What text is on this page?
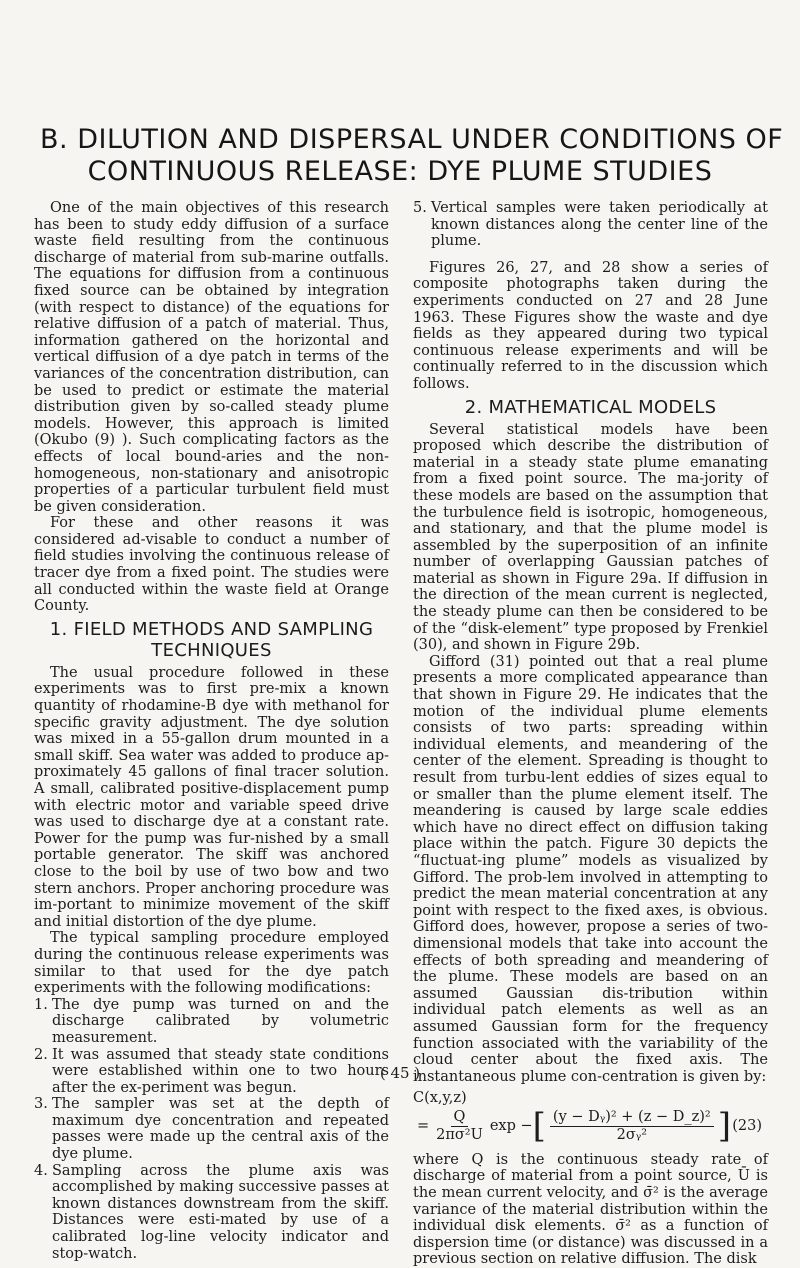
B. DILUTION AND DISPERSAL UNDER CONDITIONS OF
CONTINUOUS RELEASE: DYE PLUME STUDIES

One of the main objectives of this research has been to study eddy diffusion of a surface waste field resulting from the continuous discharge of material from sub-marine outfalls. The equations for diffusion from a continuous fixed source can be obtained by integration (with respect to distance) of the equations for relative diffusion of a patch of material. Thus, information gathered on the horizontal and vertical diffusion of a dye patch in terms of the variances of the concentration distribution, can be used to predict or estimate the material distribution given by so-called steady plume models. However, this approach is limited (Okubo (9) ). Such complicating factors as the effects of local bound-aries and the non-homogeneous, non-stationary and anisotropic properties of a particular turbulent field must be given consideration.

For these and other reasons it was considered ad-visable to conduct a number of field studies involving the continuous release of tracer dye from a fixed point. The studies were all conducted within the waste field at Orange County.

1. FIELD METHODS AND SAMPLING TECHNIQUES

The usual procedure followed in these experiments was to first pre-mix a known quantity of rhodamine-B dye with methanol for specific gravity adjustment. The dye solution was mixed in a 55-gallon drum mounted in a small skiff. Sea water was added to produce ap-proximately 45 gallons of final tracer solution. A small, calibrated positive-displacement pump with electric motor and variable speed drive was used to discharge dye at a constant rate. Power for the pump was fur-nished by a small portable generator. The skiff was anchored close to the boil by use of two bow and two stern anchors. Proper anchoring procedure was im-portant to minimize movement of the skiff and initial distortion of the dye plume.

The typical sampling procedure employed during the continuous release experiments was similar to that used for the dye patch experiments with the following modifications:

1. The dye pump was turned on and the discharge calibrated by volumetric measurement.
2. It was assumed that steady state conditions were established within one to two hours after the ex-periment was begun.
3. The sampler was set at the depth of maximum dye concentration and repeated passes were made up the central axis of the dye plume.
4. Sampling across the plume axis was accomplished by making successive passes at known distances downstream from the skiff. Distances were esti-mated by use of a calibrated log-line velocity indicator and stop-watch.
5. Vertical samples were taken periodically at known distances along the center line of the plume.

Figures 26, 27, and 28 show a series of composite photographs taken during the experiments conducted on 27 and 28 June 1963. These Figures show the waste and dye fields as they appeared during two typical continuous release experiments and will be continually referred to in the discussion which follows.

2. MATHEMATICAL MODELS

Several statistical models have been proposed which describe the distribution of material in a steady state plume emanating from a fixed point source. The ma-jority of these models are based on the assumption that the turbulence field is isotropic, homogeneous, and stationary, and that the plume model is assembled by the superposition of an infinite number of overlapping Gaussian patches of material as shown in Figure 29a. If diffusion in the direction of the mean current is neglected, the steady plume can then be considered to be of the “disk-element” type proposed by Frenkiel (30), and shown in Figure 29b.

Gifford (31) pointed out that a real plume presents a more complicated appearance than that shown in Figure 29. He indicates that the motion of the individual plume elements consists of two parts: spreading within individual elements, and meandering of the center of the element. Spreading is thought to result from turbu-lent eddies of sizes equal to or smaller than the plume element itself. The meandering is caused by large scale eddies which have no direct effect on diffusion taking place within the patch. Figure 30 depicts the “fluctuat-ing plume” models as visualized by Gifford. The prob-lem involved in attempting to predict the mean material concentration at any point with respect to the fixed axes, is obvious. Gifford does, however, propose a series of two-dimensional models that take into account the effects of both spreading and meandering of the plume. These models are based on an assumed Gaussian dis-tribution within individual patch elements as well as an assumed Gaussian form for the frequency function associated with the variability of the cloud center about the fixed axis. The instantaneous plume con-centration is given by:

C(x,y,z)
= $\frac{Q}{\text{2πσ²U}}$ exp − [ $\frac{\text{(y − Dᵧ)² + (z − D\_z)²}}{\text{2σᵧ²}}$ ] (23)

where Q is the continuous steady rate of discharge of material from a point source, Ū is the mean current velocity, and σ̄² is the average variance of the material distribution within the individual disk elements. σ̄² as a function of dispersion time (or distance) was discussed in a previous section on relative diffusion. The disk

( 45 )
